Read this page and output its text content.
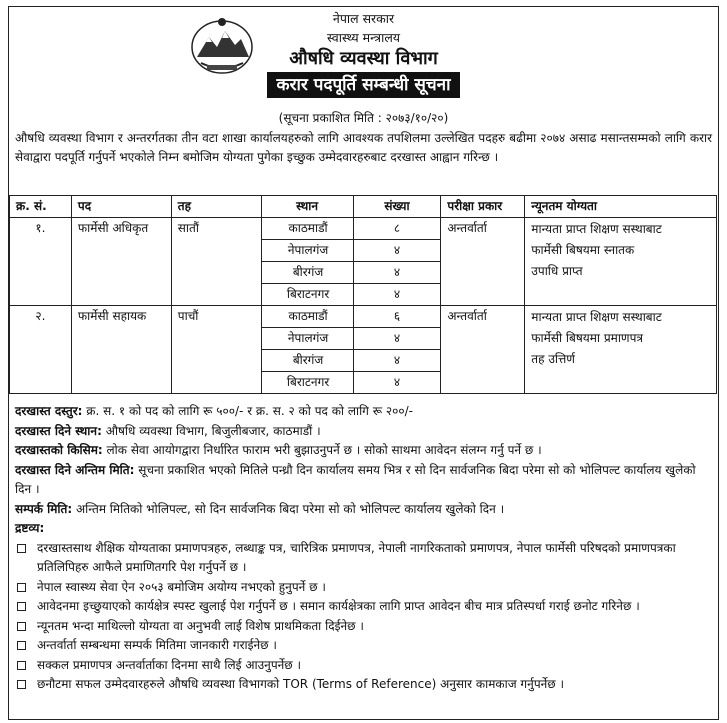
नेपाल सरकार
स्वास्थ्य मन्त्रालय
औषधि व्यवस्था विभाग
करार पदपूर्ति सम्बन्धी सूचना
(सूचना प्रकाशित मिति : २०७३/१०/२०)
औषधि व्यवस्था विभाग र अन्तरर्गतका तीन वटा शाखा कार्यालयहरुको लागि आवश्यक तपशिलमा उल्लेखित पदहरु बढीमा २०७४ असाढ मसान्तसम्मको लागि करार सेवाद्वारा पदपूर्ति गर्नुपर्ने भएकोले निम्न बमोजिम योग्यता पुगेका इच्छुक उम्मेदवारहरुबाट दरखास्त आह्वान गरिन्छ ।
क्र. सं.	पद	तह	स्थान	संख्या	परीक्षा प्रकार	न्यूनतम योग्यता
१.	फार्मेसी अधिकृत	सातौं	काठमाडौं	८	अन्तर्वार्ता	मान्यता प्राप्त शिक्षण सस्थाबाट
फार्मेसी बिषयमा स्नातक
उपाधि प्राप्त

			नेपालगंज	४		
			बीरगंज	४		
			बिराटनगर	४		
२.	फार्मेसी सहायक	पाचौं	काठमाडौं	६	अन्तर्वार्ता	मान्यता प्राप्त शिक्षण सस्थाबाट
फार्मेसी बिषयमा प्रमाणपत्र
तह उत्तिर्ण

			नेपालगंज	४		
			बीरगंज	४		
			बिराटनगर	४		
दरखास्त दस्तुर: क्र. स. १ को पद को लागि रू ५००/- र क्र. स. २ को पद को लागि रू २००/-
दरखास्त दिने स्थान: औषधि व्यवस्था विभाग, बिजुलीबजार, काठमाडौं ।
दरखास्तको किसिम: लोक सेवा आयोगद्वारा निर्धारित फाराम भरी बुझाउनुपर्ने छ । सोको साथमा आवेदन संलग्न गर्नु पर्ने छ ।
दरखास्त दिने अन्तिम मिति: सूचना प्रकाशित भएको मितिले पन्ध्रौ दिन कार्यालय समय भित्र र सो दिन सार्वजनिक बिदा परेमा सो को भोलिपल्ट कार्यालय खुलेको दिन ।
सम्पर्क मिति: अन्तिम मितिको भोलिपल्ट, सो दिन सार्वजनिक बिदा परेमा सो को भोलिपल्ट कार्यालय खुलेको दिन ।
द्रष्टव्य:
दरखास्तसाथ शैक्षिक योग्यताका प्रमाणपत्रहरु, लब्धाङ्क पत्र, चारित्रिक प्रमाणपत्र, नेपाली नागरिकताको प्रमाणपत्र, नेपाल फार्मेसी परिषदको प्रमाणपत्रका प्रतिलिपिहरु आफैले प्रमाणितगरि पेश गर्नुपर्ने छ ।
नेपाल स्वास्थ्य सेवा ऐन २०५३ बमोजिम अयोग्य नभएको हुनुपर्ने छ ।
आवेदनमा इच्छुयाएको कार्यक्षेत्र स्पस्ट खुलाई पेश गर्नुपर्ने छ । समान कार्यक्षेत्रका लागि प्राप्त आवेदन बीच मात्र प्रतिस्पर्धा गराई छनोट गरिनेछ ।
न्यूनतम भन्दा माथिल्लो योग्यता वा अनुभवी लाई विशेष प्राथमिकता दिईनेछ ।
अन्तर्वार्ता सम्बन्धमा सम्पर्क मितिमा जानकारी गराईनेछ ।
सक्कल प्रमाणपत्र अन्तर्वार्ताका दिनमा साथै लिई आउनुपर्नेछ ।
छनौटमा सफल उम्मेदवारहरुले औषधि व्यवस्था विभागको TOR (Terms of Reference) अनुसार कामकाज गर्नुपर्नेछ ।
